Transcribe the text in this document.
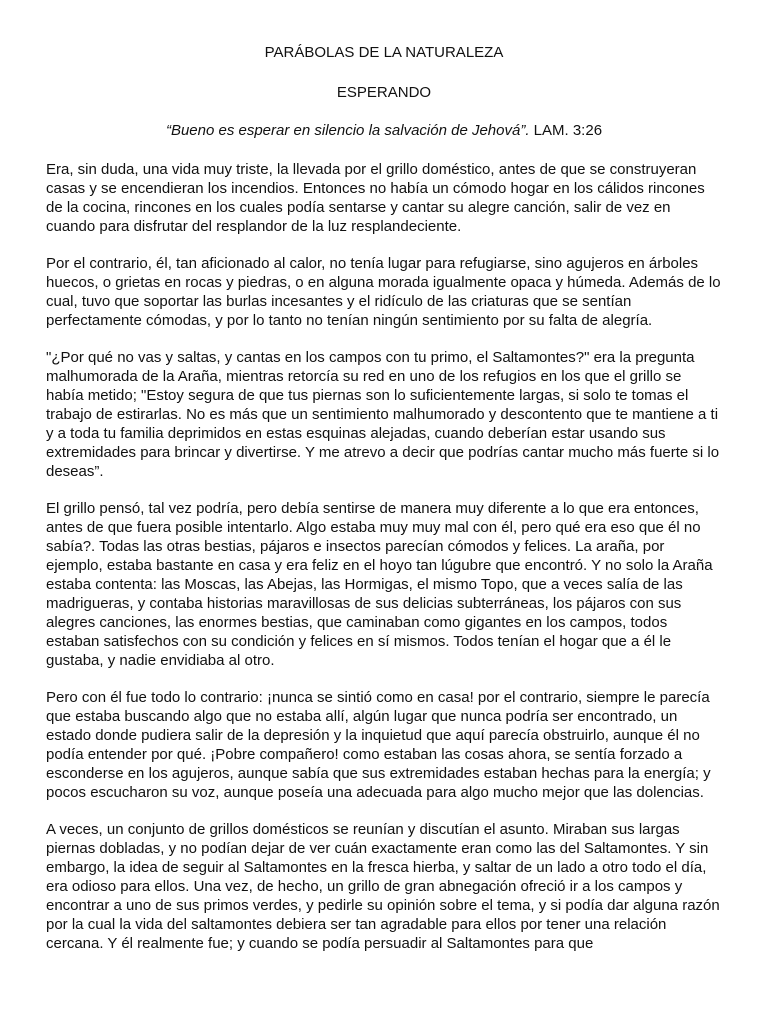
PARÁBOLAS DE LA NATURALEZA
ESPERANDO

“Bueno es esperar en silencio la salvación de Jehová”. LAM. 3:26

Era, sin duda, una vida muy triste, la llevada por el grillo doméstico, antes de que se construyeran casas y se encendieran los incendios. Entonces no había un cómodo hogar en los cálidos rincones de la cocina, rincones en los cuales podía sentarse y cantar su alegre canción, salir de vez en cuando para disfrutar del resplandor de la luz resplandeciente.

Por el contrario, él, tan aficionado al calor, no tenía lugar para refugiarse, sino agujeros en árboles huecos, o grietas en rocas y piedras, o en alguna morada igualmente opaca y húmeda. Además de lo cual, tuvo que soportar las burlas incesantes y el ridículo de las criaturas que se sentían perfectamente cómodas, y por lo tanto no tenían ningún sentimiento por su falta de alegría.

"¿Por qué no vas y saltas, y cantas en los campos con tu primo, el Saltamontes?" era la pregunta malhumorada de la Araña, mientras retorcía su red en uno de los refugios en los que el grillo se había metido; "Estoy segura de que tus piernas son lo suficientemente largas, si solo te tomas el trabajo de estirarlas. No es más que un sentimiento malhumorado y descontento que te mantiene a ti y a toda tu familia deprimidos en estas esquinas alejadas, cuando deberían estar usando sus extremidades para brincar y divertirse. Y me atrevo a decir que podrías cantar mucho más fuerte si lo deseas”.

El grillo pensó, tal vez podría, pero debía sentirse de manera muy diferente a lo que era entonces, antes de que fuera posible intentarlo. Algo estaba muy muy mal con él, pero qué era eso que él no sabía?. Todas las otras bestias, pájaros e insectos parecían cómodos y felices. La araña, por ejemplo, estaba bastante en casa y era feliz en el hoyo tan lúgubre que encontró. Y no solo la Araña estaba contenta: las Moscas, las Abejas, las Hormigas, el mismo Topo, que a veces salía de las madrigueras, y contaba historias maravillosas de sus delicias subterráneas, los pájaros con sus alegres canciones, las enormes bestias, que caminaban como gigantes en los campos, todos estaban satisfechos con su condición y felices en sí mismos. Todos tenían el hogar que a él le gustaba, y nadie envidiaba al otro.

Pero con él fue todo lo contrario: ¡nunca se sintió como en casa! por el contrario, siempre le parecía que estaba buscando algo que no estaba allí, algún lugar que nunca podría ser encontrado, un estado donde pudiera salir de la depresión y la inquietud que aquí parecía obstruirlo, aunque él no podía entender por qué. ¡Pobre compañero! como estaban las cosas ahora, se sentía forzado a esconderse en los agujeros, aunque sabía que sus extremidades estaban hechas para la energía; y pocos escucharon su voz, aunque poseía una adecuada para algo mucho mejor que las dolencias.

A veces, un conjunto de grillos domésticos se reunían y discutían el asunto. Miraban sus largas piernas dobladas, y no podían dejar de ver cuán exactamente eran como las del Saltamontes. Y sin embargo, la idea de seguir al Saltamontes en la fresca hierba, y saltar de un lado a otro todo el día, era odioso para ellos. Una vez, de hecho, un grillo de gran abnegación ofreció ir a los campos y encontrar a uno de sus primos verdes, y pedirle su opinión sobre el tema, y si podía dar alguna razón por la cual la vida del saltamontes debiera ser tan agradable para ellos por tener una relación cercana. Y él realmente fue; y cuando se podía persuadir al Saltamontes para que
